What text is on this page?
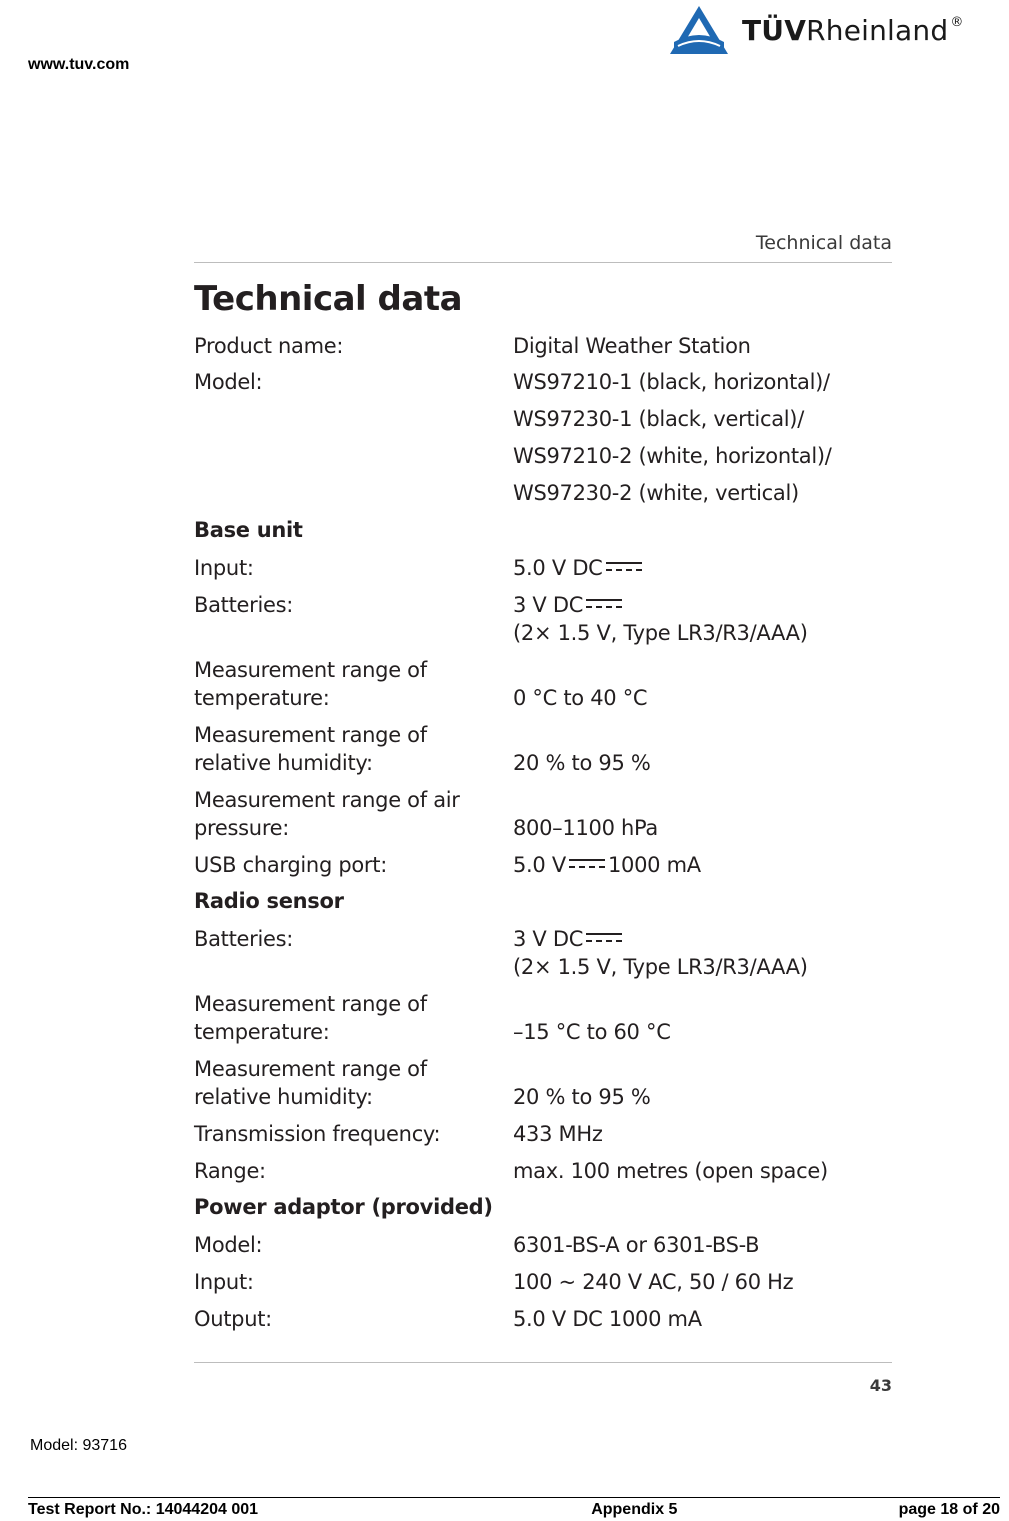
www.tuv.com
TÜVRheinland ®
Technical data
Technical data
Product name:	Digital Weather Station
Model:	WS97210-1 (black, horizontal)/
WS97230-1 (black, vertical)/
WS97210-2 (white, horizontal)/
WS97230-2 (white, vertical)
Base unit
Input:	5.0 V DC
Batteries:	3 V DC
(2× 1.5 V, Type LR3/R3/AAA)
Measurement range of
temperature:	0 °C to 40 °C
Measurement range of
relative humidity:	20 % to 95 %
Measurement range of air
pressure:	800–1100 hPa
USB charging port:	5.0 V 1000 mA
Radio sensor
Batteries:	3 V DC
(2× 1.5 V, Type LR3/R3/AAA)
Measurement range of
temperature:	–15 °C to 60 °C
Measurement range of
relative humidity:	20 % to 95 %
Transmission frequency:	433 MHz
Range:	max. 100 metres (open space)
Power adaptor (provided)
Model:	6301-BS-A or 6301-BS-B
Input:	100 ~ 240 V AC, 50 / 60 Hz
Output:	5.0 V DC 1000 mA
43
Model: 93716
Test Report No.: 14044204 001	Appendix 5	page 18 of 20
